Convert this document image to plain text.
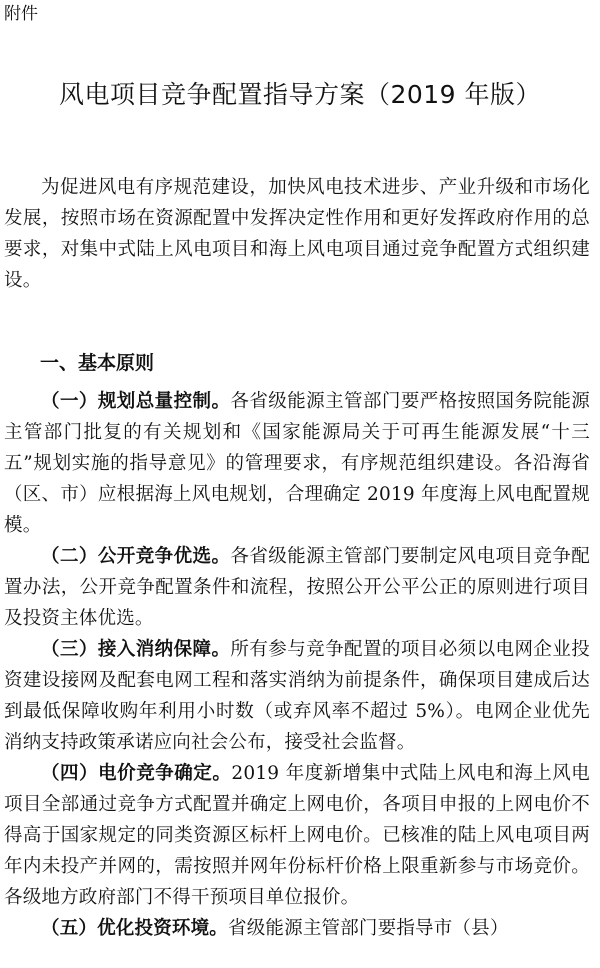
附件
风电项目竞争配置指导方案（2019 年版）

为促进风电有序规范建设，加快风电技术进步、产业升级和市场化发展，按照市场在资源配置中发挥决定性作用和更好发挥政府作用的总要求，对集中式陆上风电项目和海上风电项目通过竞争配置方式组织建设。

一、基本原则

（一）规划总量控制。各省级能源主管部门要严格按照国务院能源主管部门批复的有关规划和《国家能源局关于可再生能源发展“十三五”规划实施的指导意见》的管理要求，有序规范组织建设。各沿海省（区、市）应根据海上风电规划，合理确定 2019 年度海上风电配置规模。

（二）公开竞争优选。各省级能源主管部门要制定风电项目竞争配置办法，公开竞争配置条件和流程，按照公开公平公正的原则进行项目及投资主体优选。

（三）接入消纳保障。所有参与竞争配置的项目必须以电网企业投资建设接网及配套电网工程和落实消纳为前提条件，确保项目建成后达到最低保障收购年利用小时数（或弃风率不超过 5%）。电网企业优先消纳支持政策承诺应向社会公布，接受社会监督。

（四）电价竞争确定。2019 年度新增集中式陆上风电和海上风电项目全部通过竞争方式配置并确定上网电价，各项目申报的上网电价不得高于国家规定的同类资源区标杆上网电价。已核准的陆上风电项目两年内未投产并网的，需按照并网年份标杆价格上限重新参与市场竞价。各级地方政府部门不得干预项目单位报价。

（五）优化投资环境。省级能源主管部门要指导市（县）
